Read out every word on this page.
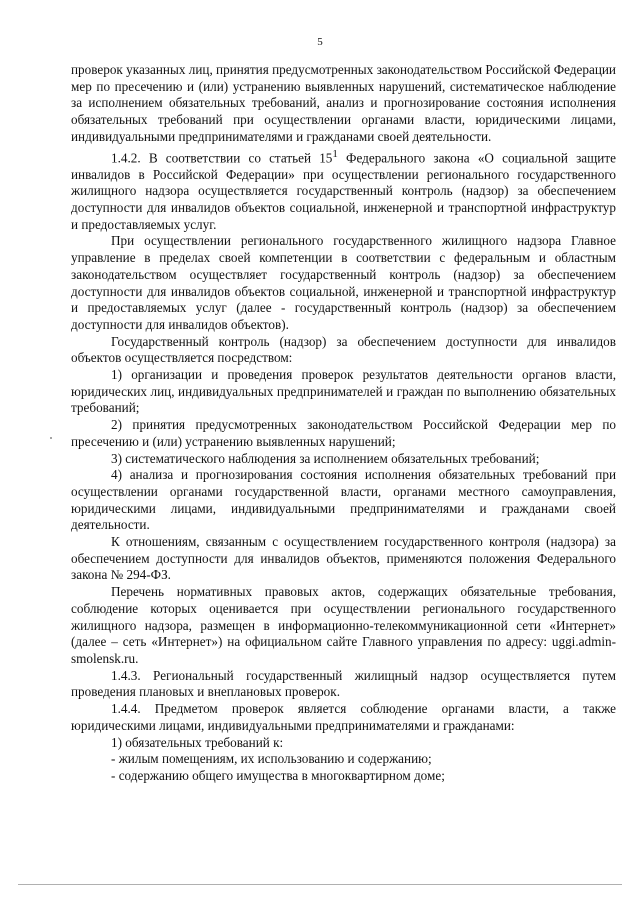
5

проверок указанных лиц, принятия предусмотренных законодательством Российской Федерации мер по пресечению и (или) устранению выявленных нарушений, систематическое наблюдение за исполнением обязательных требований, анализ и прогнозирование состояния исполнения обязательных требований при осуществлении органами власти, юридическими лицами, индивидуальными предпринимателями и гражданами своей деятельности.

1.4.2. В соответствии со статьей $15^1$ Федерального закона «О социальной защите инвалидов в Российской Федерации» при осуществлении регионального государственного жилищного надзора осуществляется государственный контроль (надзор) за обеспечением доступности для инвалидов объектов социальной, инженерной и транспортной инфраструктур и предоставляемых услуг.

При осуществлении регионального государственного жилищного надзора Главное управление в пределах своей компетенции в соответствии с федеральным и областным законодательством осуществляет государственный контроль (надзор) за обеспечением доступности для инвалидов объектов социальной, инженерной и транспортной инфраструктур и предоставляемых услуг (далее - государственный контроль (надзор) за обеспечением доступности для инвалидов объектов).

Государственный контроль (надзор) за обеспечением доступности для инвалидов объектов осуществляется посредством:

1) организации и проведения проверок результатов деятельности органов власти, юридических лиц, индивидуальных предпринимателей и граждан по выполнению обязательных требований;

2) принятия предусмотренных законодательством Российской Федерации мер по пресечению и (или) устранению выявленных нарушений;

3) систематического наблюдения за исполнением обязательных требований;

4) анализа и прогнозирования состояния исполнения обязательных требований при осуществлении органами государственной власти, органами местного самоуправления, юридическими лицами, индивидуальными предпринимателями и гражданами своей деятельности.

К отношениям, связанным с осуществлением государственного контроля (надзора) за обеспечением доступности для инвалидов объектов, применяются положения Федерального закона № 294-ФЗ.

Перечень нормативных правовых актов, содержащих обязательные требования, соблюдение которых оценивается при осуществлении регионального государственного жилищного надзора, размещен в информационно-телекоммуникационной сети «Интернет» (далее – сеть «Интернет») на официальном сайте Главного управления по адресу: uggi.admin-smolensk.ru.

1.4.3. Региональный государственный жилищный надзор осуществляется путем проведения плановых и внеплановых проверок.

1.4.4. Предметом проверок является соблюдение органами власти, а также юридическими лицами, индивидуальными предпринимателями и гражданами:

1) обязательных требований к:

- жилым помещениям, их использованию и содержанию;

- содержанию общего имущества в многоквартирном доме;
